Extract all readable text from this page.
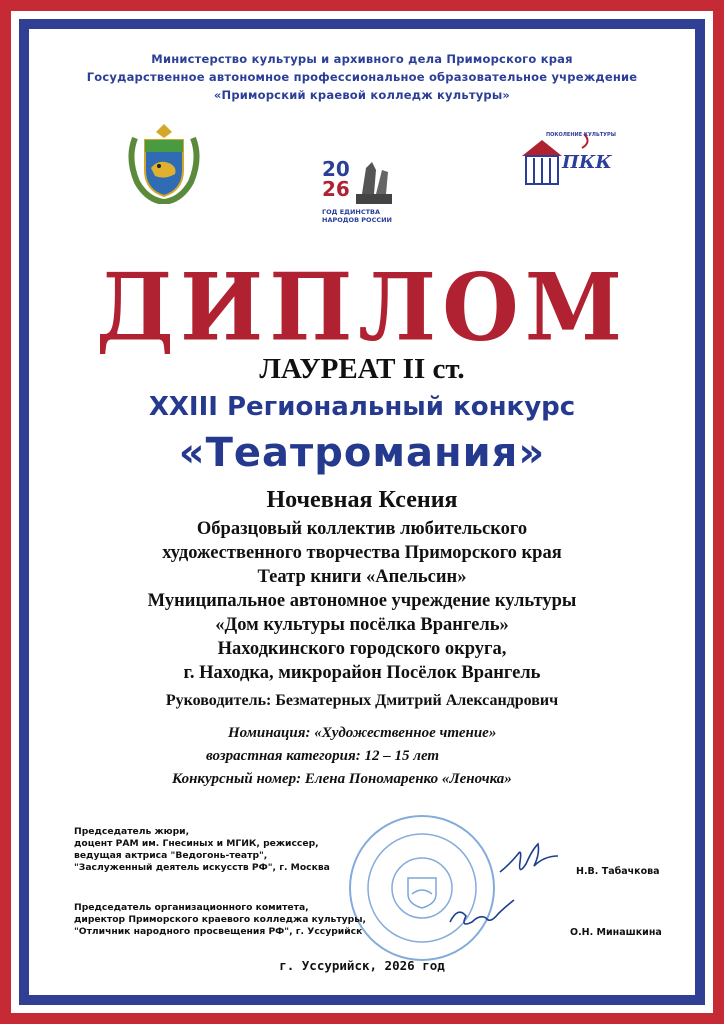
Министерство культуры и архивного дела Приморского края
Государственное автономное профессиональное образовательное учреждение
«Приморский краевой колледж культуры»
20
26
ГОД ЕДИНСТВА
НАРОДОВ РОССИИ
ПОКОЛЕНИЕ КУЛЬТУРЫ
ПКК
ДИПЛОМ
ЛАУРЕАТ II ст.
XXIII Региональный конкурс
«Театромания»
Ночевная Ксения
Образцовый коллектив любительского
художественного творчества Приморского края
Театр книги «Апельсин»
Муниципальное автономное учреждение культуры
«Дом культуры посёлка Врангель»
Находкинского городского округа,
г. Находка, микрорайон Посёлок Врангель
Руководитель: Безматерных Дмитрий Александрович
Номинация: «Художественное чтение»
возрастная категория: 12 – 15 лет
Конкурсный номер: Елена Пономаренко «Леночка»
Председатель жюри,
доцент РАМ им. Гнесиных и МГИК, режиссер,
ведущая актриса "Ведогонь-театр",
"Заслуженный деятель искусств РФ", г. Москва	Н.В. Табачкова
Председатель организационного комитета,
директор Приморского краевого колледжа культуры,
"Отличник народного просвещения РФ", г. Уссурийск	О.Н. Минашкина
г. Уссурийск, 2026 год
